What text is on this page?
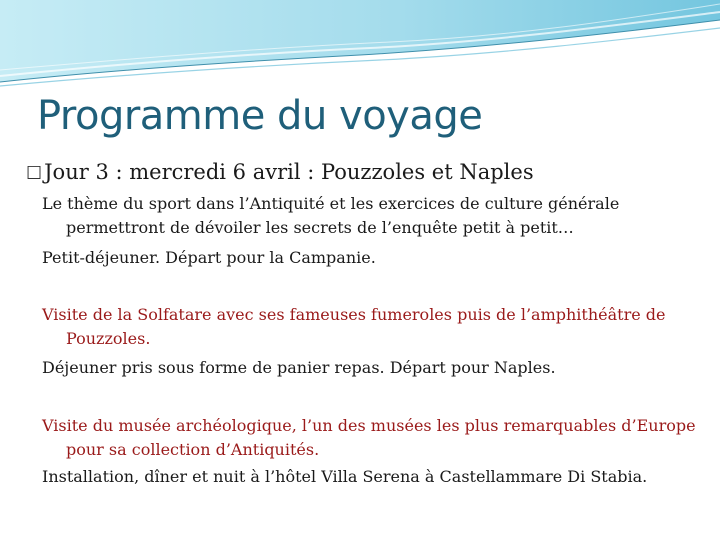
Programme du voyage
☐Jour 3 : mercredi 6 avril : Pouzzoles et Naples

Le thème du sport dans l’Antiquité et les exercices de culture générale permettront de dévoiler les secrets de l’enquête petit à petit…

Petit-déjeuner. Départ pour la Campanie.

Visite de la Solfatare avec ses fameuses fumeroles puis de l’amphithéâtre de Pouzzoles.

Déjeuner pris sous forme de panier repas. Départ pour Naples.

Visite du musée archéologique, l’un des musées les plus remarquables d’Europe pour sa collection d’Antiquités.

Installation, dîner et nuit à l’hôtel Villa Serena à Castellammare Di Stabia.
